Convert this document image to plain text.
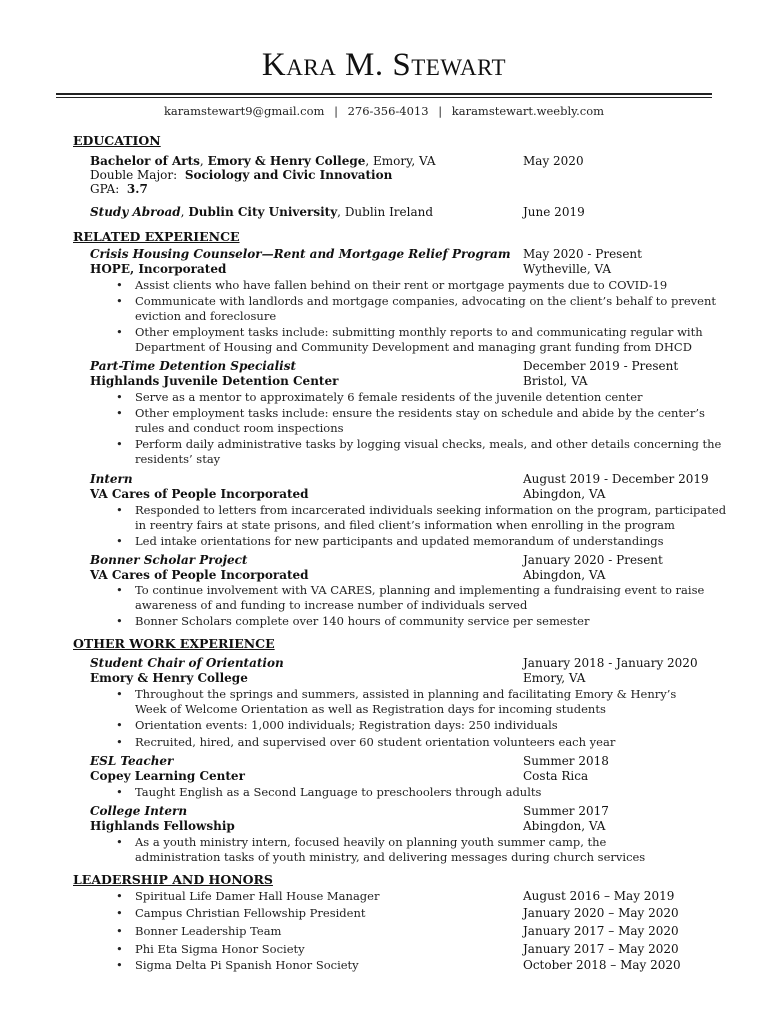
Kara M. Stewart
karamstewart9@gmail.com | 276-356-4013 | karamstewart.weebly.com
EDUCATION
Bachelor of Arts, Emory & Henry College, Emory, VA	May 2020
Double Major: Sociology and Civic Innovation
GPA: 3.7
Study Abroad, Dublin City University, Dublin Ireland	June 2019
RELATED EXPERIENCE
Crisis Housing Counselor—Rent and Mortgage Relief Program May 2020 - Present
HOPE, Incorporated	Wytheville, VA
• Assist clients who have fallen behind on their rent or mortgage payments due to COVID-19
• Communicate with landlords and mortgage companies, advocating on the client’s behalf to prevent
eviction and foreclosure
• Other employment tasks include: submitting monthly reports to and communicating regular with
Department of Housing and Community Development and managing grant funding from DHCD
Part-Time Detention Specialist	December 2019 - Present
Highlands Juvenile Detention Center	Bristol, VA
• Serve as a mentor to approximately 6 female residents of the juvenile detention center
• Other employment tasks include: ensure the residents stay on schedule and abide by the center’s
rules and conduct room inspections
• Perform daily administrative tasks by logging visual checks, meals, and other details concerning the
residents’ stay
Intern	August 2019 - December 2019
VA Cares of People Incorporated	Abingdon, VA
• Responded to letters from incarcerated individuals seeking information on the program, participated
in reentry fairs at state prisons, and filed client’s information when enrolling in the program
• Led intake orientations for new participants and updated memorandum of understandings
Bonner Scholar Project	January 2020 - Present
VA Cares of People Incorporated	Abingdon, VA
• To continue involvement with VA CARES, planning and implementing a fundraising event to raise
awareness of and funding to increase number of individuals served
• Bonner Scholars complete over 140 hours of community service per semester
OTHER WORK EXPERIENCE
Student Chair of Orientation	January 2018 - January 2020
Emory & Henry College	Emory, VA
• Throughout the springs and summers, assisted in planning and facilitating Emory & Henry’s
Week of Welcome Orientation as well as Registration days for incoming students
• Orientation events: 1,000 individuals; Registration days: 250 individuals
• Recruited, hired, and supervised over 60 student orientation volunteers each year
ESL Teacher	Summer 2018
Copey Learning Center	Costa Rica
• Taught English as a Second Language to preschoolers through adults
College Intern	Summer 2017
Highlands Fellowship	Abingdon, VA
• As a youth ministry intern, focused heavily on planning youth summer camp, the
administration tasks of youth ministry, and delivering messages during church services
LEADERSHIP AND HONORS
• Spiritual Life Damer Hall House Manager	August 2016 – May 2019
• Campus Christian Fellowship President	January 2020 – May 2020
• Bonner Leadership Team	January 2017 – May 2020
• Phi Eta Sigma Honor Society	January 2017 – May 2020
• Sigma Delta Pi Spanish Honor Society	October 2018 – May 2020
